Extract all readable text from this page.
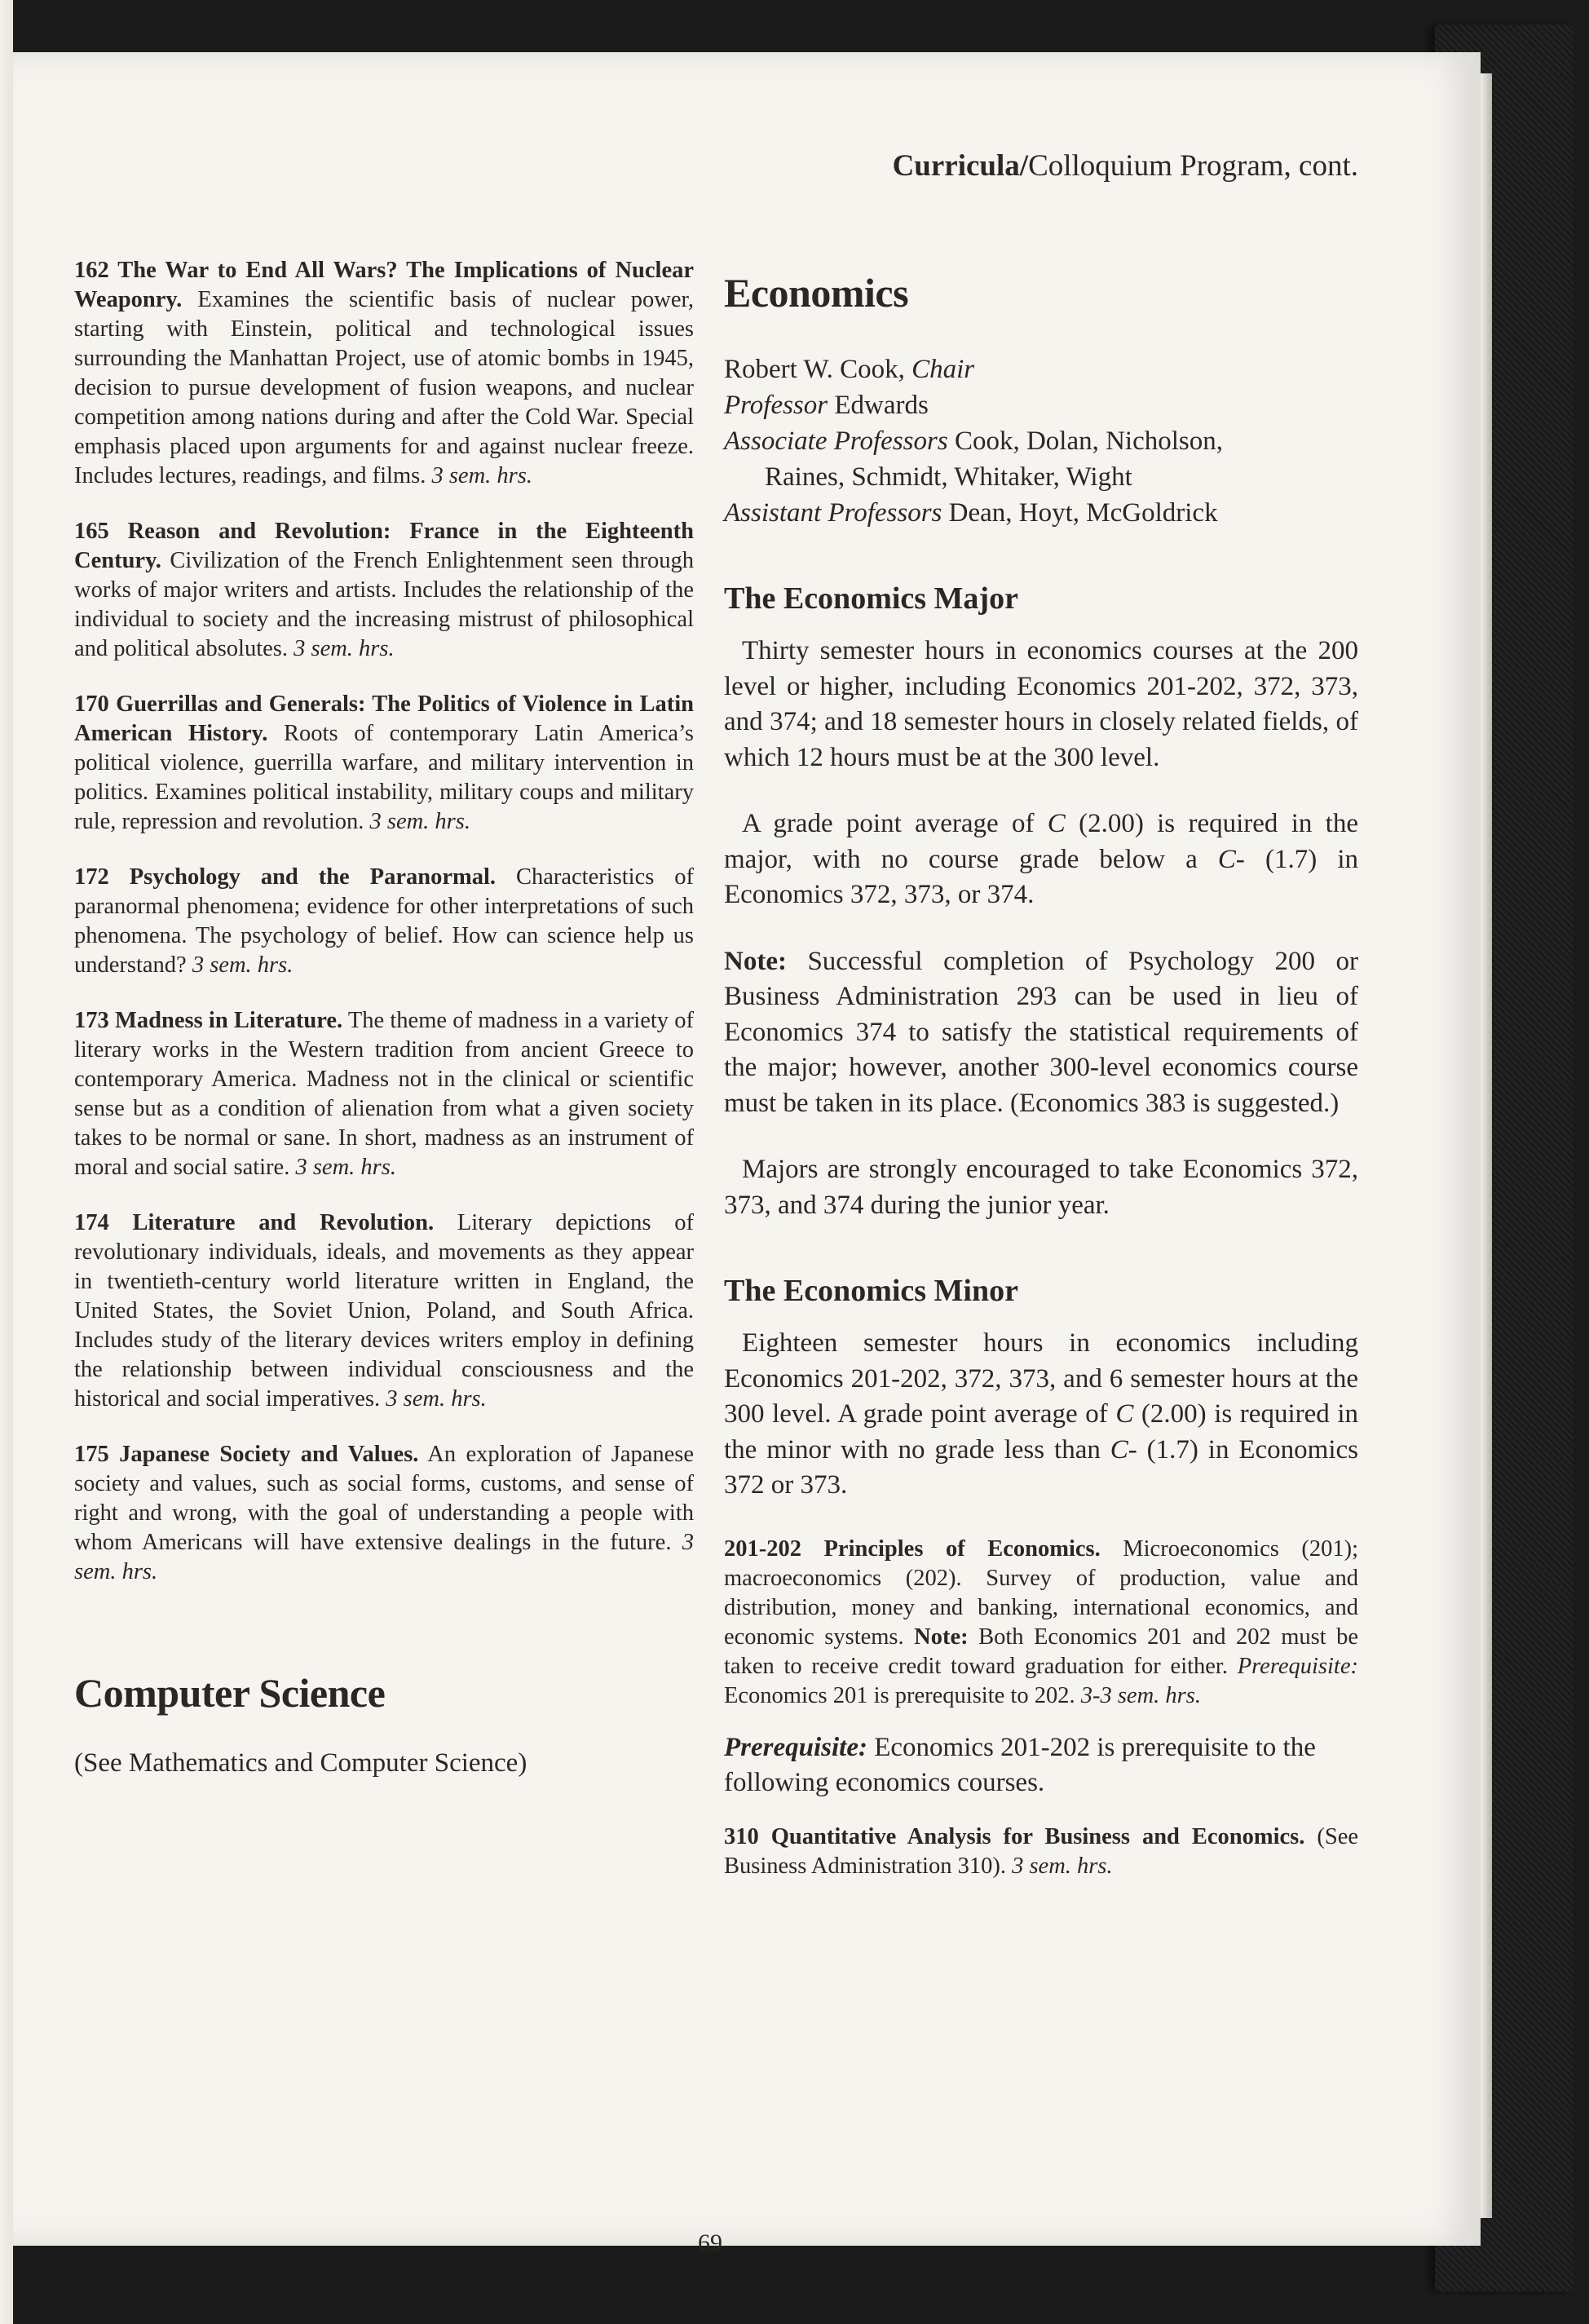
Curricula/Colloquium Program, cont.

162 The War to End All Wars? The Implications of Nuclear Weaponry. Examines the scientific basis of nuclear power, starting with Einstein, political and technological issues surrounding the Manhattan Project, use of atomic bombs in 1945, decision to pursue development of fusion weapons, and nuclear competition among nations during and after the Cold War. Special emphasis placed upon arguments for and against nuclear freeze. Includes lectures, readings, and films. 3 sem. hrs.

165 Reason and Revolution: France in the Eighteenth Century. Civilization of the French Enlightenment seen through works of major writers and artists. Includes the relationship of the individual to society and the increasing mistrust of philosophical and political absolutes. 3 sem. hrs.

170 Guerrillas and Generals: The Politics of Violence in Latin American History. Roots of contemporary Latin America’s political violence, guerrilla warfare, and military intervention in politics. Examines political instability, military coups and military rule, repression and revolution. 3 sem. hrs.

172 Psychology and the Paranormal. Characteristics of paranormal phenomena; evidence for other interpretations of such phenomena. The psychology of belief. How can science help us understand? 3 sem. hrs.

173 Madness in Literature. The theme of madness in a variety of literary works in the Western tradition from ancient Greece to contemporary America. Madness not in the clinical or scientific sense but as a condition of alienation from what a given society takes to be normal or sane. In short, madness as an instrument of moral and social satire. 3 sem. hrs.

174 Literature and Revolution. Literary depictions of revolutionary individuals, ideals, and movements as they appear in twentieth-century world literature written in England, the United States, the Soviet Union, Poland, and South Africa. Includes study of the literary devices writers employ in defining the relationship between individual consciousness and the historical and social imperatives. 3 sem. hrs.

175 Japanese Society and Values. An exploration of Japanese society and values, such as social forms, customs, and sense of right and wrong, with the goal of understanding a people with whom Americans will have extensive dealings in the future. 3 sem. hrs.

Computer Science
(See Mathematics and Computer Science)
Economics
Robert W. Cook, Chair
Professor Edwards
Associate Professors Cook, Dolan, Nicholson,
Raines, Schmidt, Whitaker, Wight
Assistant Professors Dean, Hoyt, McGoldrick
The Economics Major

Thirty semester hours in economics courses at the 200 level or higher, including Economics 201-202, 372, 373, and 374; and 18 semester hours in closely related fields, of which 12 hours must be at the 300 level.

A grade point average of C (2.00) is required in the major, with no course grade below a C- (1.7) in Economics 372, 373, or 374.

Note: Successful completion of Psychology 200 or Business Administration 293 can be used in lieu of Economics 374 to satisfy the statistical requirements of the major; however, another 300-level economics course must be taken in its place. (Economics 383 is suggested.)

Majors are strongly encouraged to take Economics 372, 373, and 374 during the junior year.

The Economics Minor

Eighteen semester hours in economics including Economics 201-202, 372, 373, and 6 semester hours at the 300 level. A grade point average of C (2.00) is required in the minor with no grade less than C- (1.7) in Economics 372 or 373.

201-202 Principles of Economics. Microeconomics (201); macroeconomics (202). Survey of production, value and distribution, money and banking, international economics, and economic systems. Note: Both Economics 201 and 202 must be taken to receive credit toward graduation for either. Prerequisite: Economics 201 is prerequisite to 202. 3-3 sem. hrs.

Prerequisite: Economics 201-202 is prerequisite to the following economics courses.

310 Quantitative Analysis for Business and Economics. (See Business Administration 310). 3 sem. hrs.

69
